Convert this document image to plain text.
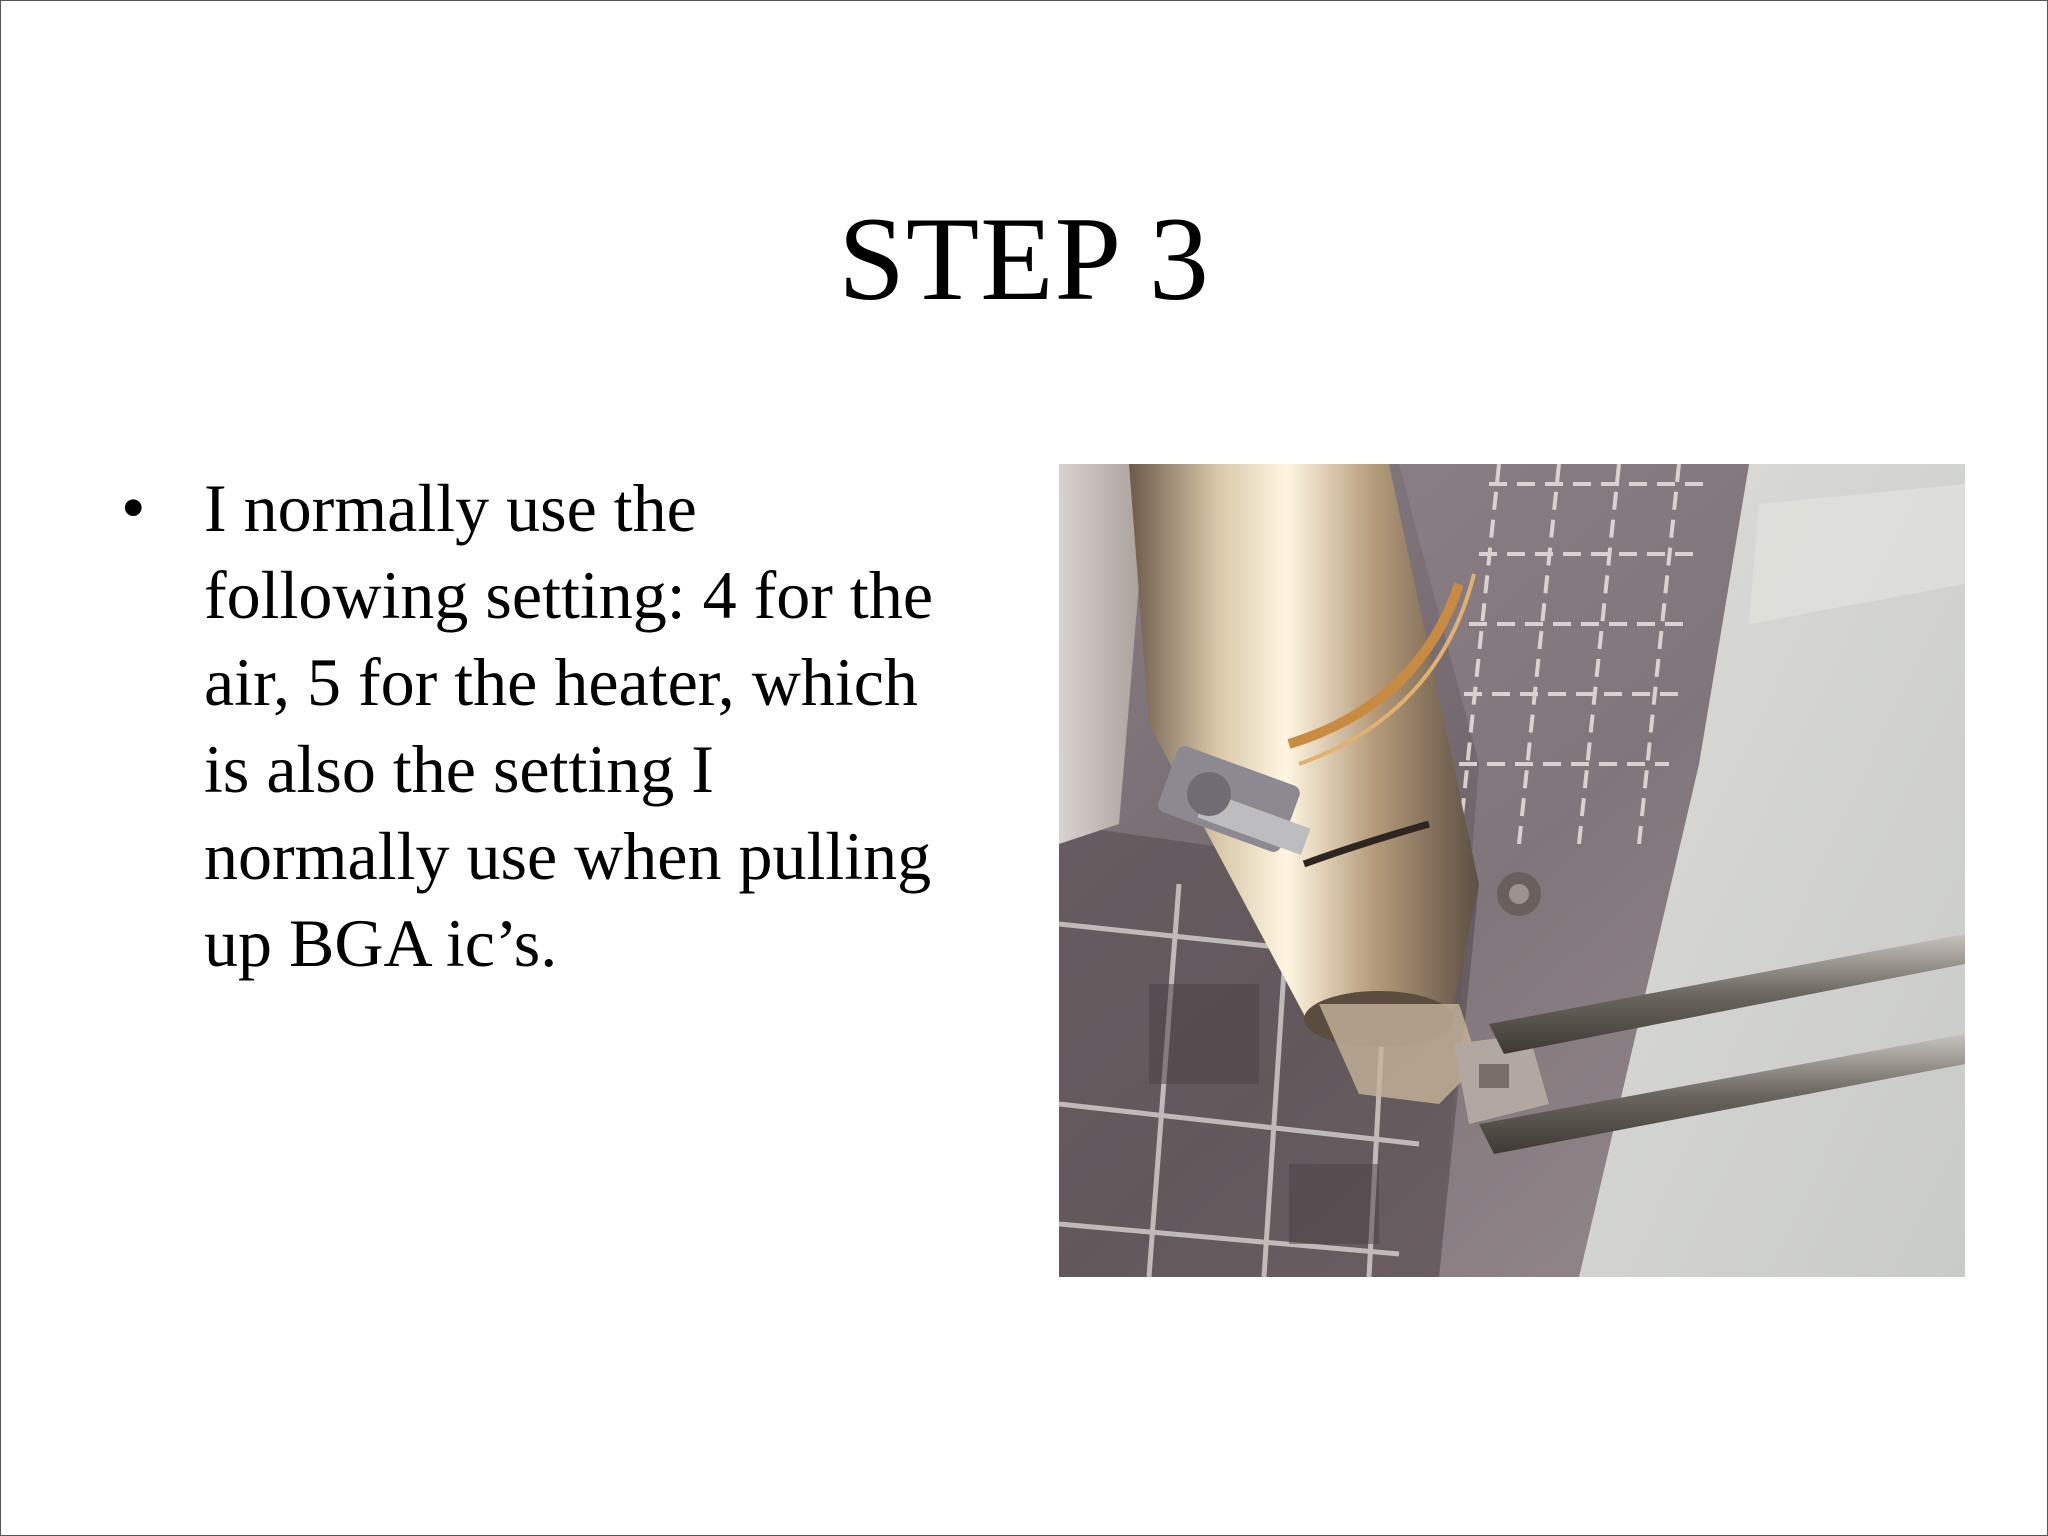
STEP 3
• I normally use the
following setting: 4 for the
air, 5 for the heater, which
is also the setting I
normally use when pulling
up BGA ic’s.
